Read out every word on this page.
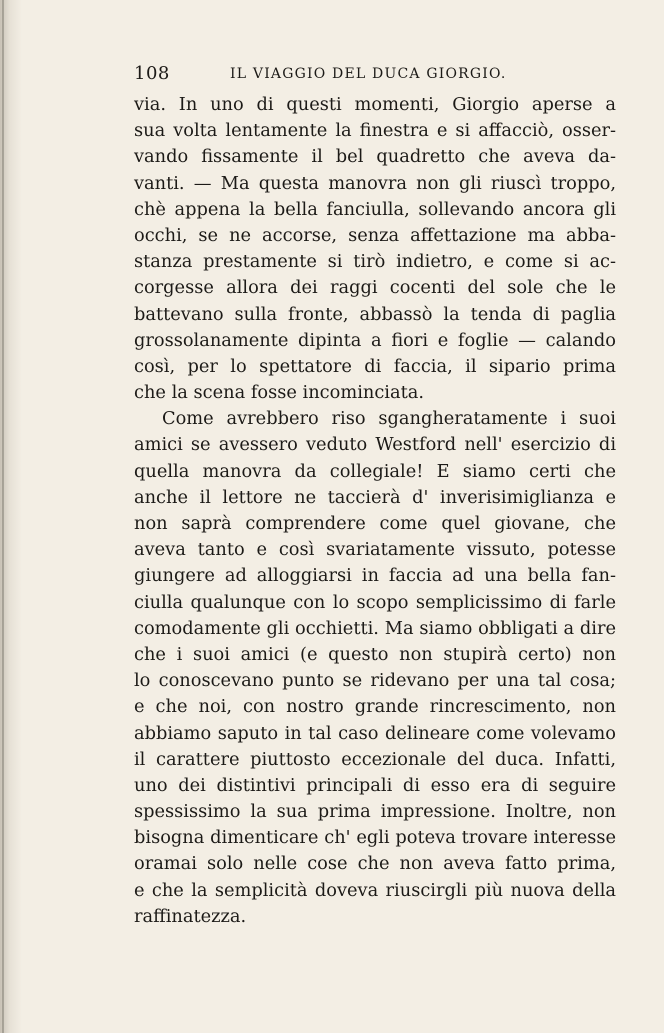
108	IL VIAGGIO DEL DUCA GIORGIO.

via. In uno di questi momenti, Giorgio aperse a
sua volta lentamente la finestra e si affacciò, osser-
vando fissamente il bel quadretto che aveva da-
vanti. — Ma questa manovra non gli riuscì troppo,
chè appena la bella fanciulla, sollevando ancora gli
occhi, se ne accorse, senza affettazione ma abba-
stanza prestamente si tirò indietro, e come si ac-
corgesse allora dei raggi cocenti del sole che le
battevano sulla fronte, abbassò la tenda di paglia
grossolanamente dipinta a fiori e foglie — calando
così, per lo spettatore di faccia, il sipario prima
che la scena fosse incominciata.

Come avrebbero riso sgangheratamente i suoi
amici se avessero veduto Westford nell' esercizio di
quella manovra da collegiale! E siamo certi che
anche il lettore ne taccierà d' inverisimiglianza e
non saprà comprendere come quel giovane, che
aveva tanto e così svariatamente vissuto, potesse
giungere ad alloggiarsi in faccia ad una bella fan-
ciulla qualunque con lo scopo semplicissimo di farle
comodamente gli occhietti. Ma siamo obbligati a dire
che i suoi amici (e questo non stupirà certo) non
lo conoscevano punto se ridevano per una tal cosa;
e che noi, con nostro grande rincrescimento, non
abbiamo saputo in tal caso delineare come volevamo
il carattere piuttosto eccezionale del duca. Infatti,
uno dei distintivi principali di esso era di seguire
spessissimo la sua prima impressione. Inoltre, non
bisogna dimenticare ch' egli poteva trovare interesse
oramai solo nelle cose che non aveva fatto prima,
e che la semplicità doveva riuscirgli più nuova della
raffinatezza.
